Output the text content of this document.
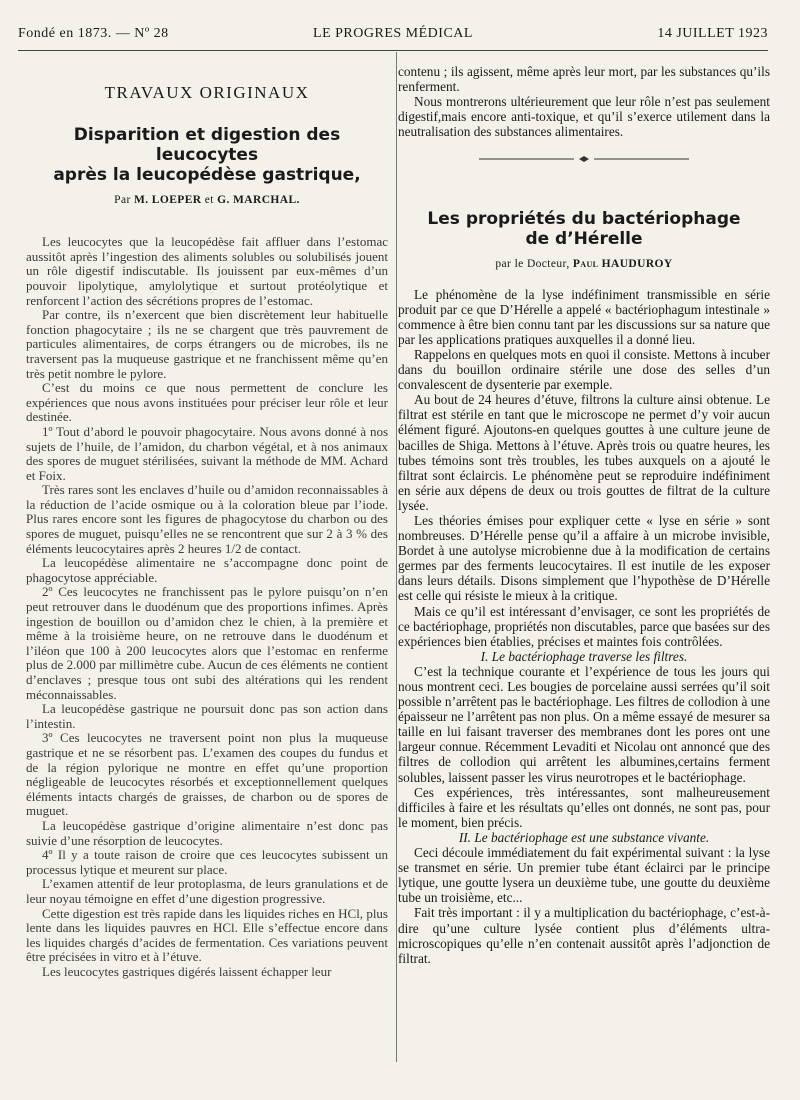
Fondé en 1873. — Nº 28	LE PROGRES MÉDICAL	14 JUILLET 1923
TRAVAUX ORIGINAUX
Disparition et digestion des leucocytes
après la leucopédèse gastrique,
Par M. LOEPER et G. MARCHAL.

Les leucocytes que la leucopédèse fait affluer dans l’estomac aussitôt après l’ingestion des aliments solubles ou solubilisés jouent un rôle digestif indiscutable. Ils jouissent par eux-mêmes d’un pouvoir lipolytique, amylolytique et surtout protéolytique et renforcent l’action des sécrétions propres de l’estomac.

Par contre, ils n’exercent que bien discrètement leur habituelle fonction phagocytaire ; ils ne se chargent que très pauvrement de particules alimentaires, de corps étrangers ou de microbes, ils ne traversent pas la muqueuse gastrique et ne franchissent même qu’en très petit nombre le pylore.

C’est du moins ce que nous permettent de conclure les expériences que nous avons instituées pour préciser leur rôle et leur destinée.

1º Tout d’abord le pouvoir phagocytaire. Nous avons donné à nos sujets de l’huile, de l’amidon, du charbon végétal, et à nos animaux des spores de muguet stérilisées, suivant la méthode de MM. Achard et Foix.

Très rares sont les enclaves d’huile ou d’amidon reconnaissables à la réduction de l’acide osmique ou à la coloration bleue par l’iode. Plus rares encore sont les figures de phagocytose du charbon ou des spores de muguet, puisqu’elles ne se rencontrent que sur 2 à 3 % des éléments leucocytaires après 2 heures 1/2 de contact.

La leucopédèse alimentaire ne s’accompagne donc point de phagocytose appréciable.

2º Ces leucocytes ne franchissent pas le pylore puisqu’on n’en peut retrouver dans le duodénum que des proportions infimes. Après ingestion de bouillon ou d’amidon chez le chien, à la première et même à la troisième heure, on ne retrouve dans le duodénum et l’iléon que 100 à 200 leucocytes alors que l’estomac en renferme plus de 2.000 par millimètre cube. Aucun de ces éléments ne contient d’enclaves ; presque tous ont subi des altérations qui les rendent méconnaissables.

La leucopédèse gastrique ne poursuit donc pas son action dans l’intestin.

3º Ces leucocytes ne traversent point non plus la muqueuse gastrique et ne se résorbent pas. L’examen des coupes du fundus et de la région pylorique ne montre en effet qu’une proportion négligeable de leucocytes résorbés et exceptionnellement quelques éléments intacts chargés de graisses, de charbon ou de spores de muguet.

La leucopédèse gastrique d’origine alimentaire n’est donc pas suivie d’une résorption de leucocytes.

4º Il y a toute raison de croire que ces leucocytes subissent un processus lytique et meurent sur place.

L’examen attentif de leur protoplasma, de leurs granulations et de leur noyau témoigne en effet d’une digestion progressive.

Cette digestion est très rapide dans les liquides riches en HCl, plus lente dans les liquides pauvres en HCl. Elle s’effectue encore dans les liquides chargés d’acides de fermentation. Ces variations peuvent être précisées in vitro et à l’étuve.

Les leucocytes gastriques digérés laissent échapper leur

contenu ; ils agissent, même après leur mort, par les substances qu’ils renferment.

Nous montrerons ultérieurement que leur rôle n’est pas seulement digestif,mais encore anti-toxique, et qu’il s’exerce utilement dans la neutralisation des substances alimentaires.

Les propriétés du bactériophage
de d’Hérelle
par le Docteur, Paul HAUDUROY

Le phénomène de la lyse indéfiniment transmissible en série produit par ce que D’Hérelle a appelé « bactériophagum intestinale » commence à être bien connu tant par les discussions sur sa nature que par les applications pratiques auxquelles il a donné lieu.

Rappelons en quelques mots en quoi il consiste. Mettons à incuber dans du bouillon ordinaire stérile une dose des selles d’un convalescent de dysenterie par exemple.

Au bout de 24 heures d’étuve, filtrons la culture ainsi obtenue. Le filtrat est stérile en tant que le microscope ne permet d’y voir aucun élément figuré. Ajoutons-en quelques gouttes à une culture jeune de bacilles de Shiga. Mettons à l’étuve. Après trois ou quatre heures, les tubes témoins sont très troubles, les tubes auxquels on a ajouté le filtrat sont éclaircis. Le phénomène peut se reproduire indéfiniment en série aux dépens de deux ou trois gouttes de filtrat de la culture lysée.

Les théories émises pour expliquer cette « lyse en série » sont nombreuses. D’Hérelle pense qu’il a affaire à un microbe invisible, Bordet à une autolyse microbienne due à la modification de certains germes par des ferments leucocytaires. Il est inutile de les exposer dans leurs détails. Disons simplement que l’hypothèse de D’Hérelle est celle qui résiste le mieux à la critique.

Mais ce qu’il est intéressant d’envisager, ce sont les propriétés de ce bactériophage, propriétés non discutables, parce que basées sur des expériences bien établies, précises et maintes fois contrôlées.

I. Le bactériophage traverse les filtres.

C’est la technique courante et l’expérience de tous les jours qui nous montrent ceci. Les bougies de porcelaine aussi serrées qu’il soit possible n’arrêtent pas le bactériophage. Les filtres de collodion à une épaisseur ne l’arrêtent pas non plus. On a même essayé de mesurer sa taille en lui faisant traverser des membranes dont les pores ont une largeur connue. Récemment Levaditi et Nicolau ont annoncé que des filtres de collodion qui arrêtent les albumines,certains ferment solubles, laissent passer les virus neurotropes et le bactériophage.

Ces expériences, très intéressantes, sont malheureusement difficiles à faire et les résultats qu’elles ont donnés, ne sont pas, pour le moment, bien précis.

II. Le bactériophage est une substance vivante.

Ceci découle immédiatement du fait expérimental suivant : la lyse se transmet en série. Un premier tube étant éclairci par le principe lytique, une goutte lysera un deuxième tube, une goutte du deuxième tube un troisième, etc...

Fait très important : il y a multiplication du bactériophage, c’est-à-dire qu’une culture lysée contient plus d’éléments ultra-microscopiques qu’elle n’en contenait aussitôt après l’adjonction de filtrat.
